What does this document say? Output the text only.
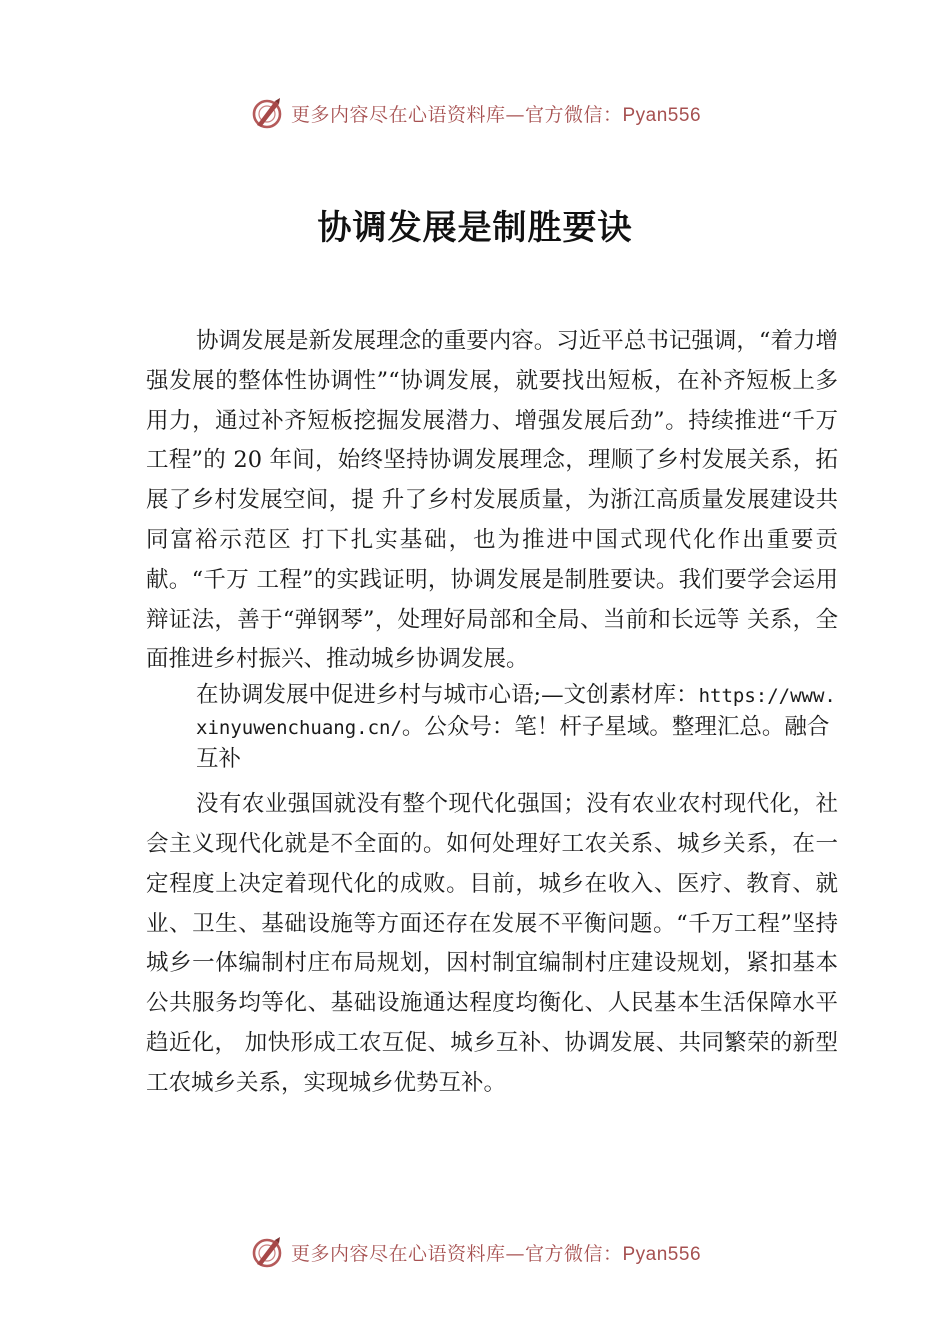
更多内容尽在心语资料库—官方微信：Pyan556
协调发展是制胜要诀

协调发展是新发展理念的重要内容。习近平总书记强调，“着力增强发展的整体性协调性”“协调发展，就要找出短板，在补齐短板上多用力，通过补齐短板挖掘发展潜力、增强发展后劲”。持续推进“千万工程”的 20 年间，始终坚持协调发展理念，理顺了乡村发展关系，拓展了乡村发展空间，提 升了乡村发展质量，为浙江高质量发展建设共同富裕示范区 打下扎实基础，也为推进中国式现代化作出重要贡献。“千万 工程”的实践证明，协调发展是制胜要诀。我们要学会运用 辩证法，善于“弹钢琴”，处理好局部和全局、当前和长远等 关系，全面推进乡村振兴、推动城乡协调发展。

在协调发展中促进乡村与城市心语;—文创素材库：https://www.xinyuwenchuang.cn/。公众号：笔！杆子星域。整理汇总。融合互补

没有农业强国就没有整个现代化强国；没有农业农村现代化，社会主义现代化就是不全面的。如何处理好工农关系、城乡关系，在一定程度上决定着现代化的成败。目前，城乡在收入、医疗、教育、就业、卫生、基础设施等方面还存在发展不平衡问题。“千万工程”坚持城乡一体编制村庄布局规划，因村制宜编制村庄建设规划，紧扣基本公共服务均等化、基础设施通达程度均衡化、人民基本生活保障水平趋近化， 加快形成工农互促、城乡互补、协调发展、共同繁荣的新型工农城乡关系，实现城乡优势互补。

更多内容尽在心语资料库—官方微信：Pyan556
